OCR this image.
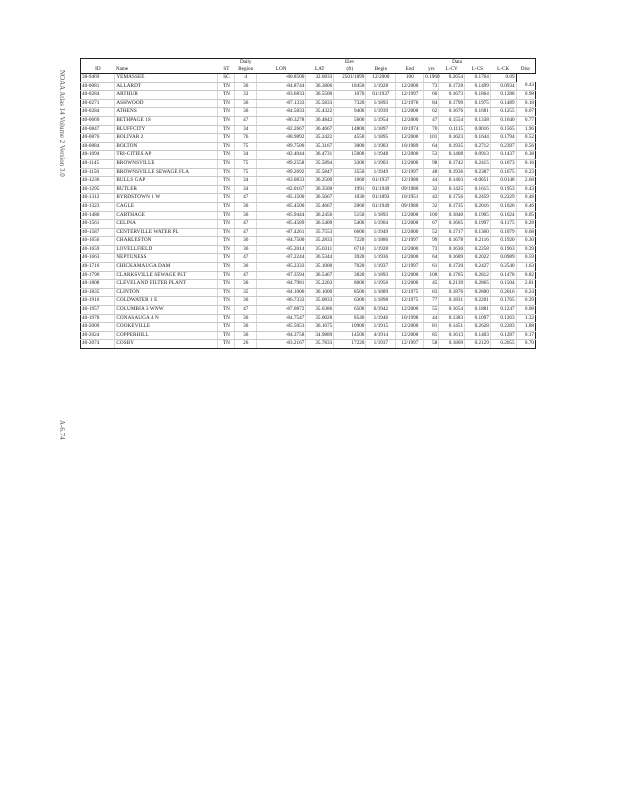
NOAA Atlas 14 Volume 2 Version 3.0
A-6.74
			Daily			Elev			Data				
ID	Name	ST	Region	LON	LAT	(ft)	Begin	End	yrs	L-CV	L-CS	L-CK	Disc
38-9469	YEMASSEE	SC	4	-80.8500	32.6833	2501/1899	12/2000	100	0.1960	0.2654	0.1764	0.09	
40-0081	ALLARDT	TN	36	-84.8744	36.3806	18450	1/1928	12/2000	73	0.1728	0.1499	0.0934	0.43
40-0284	ARTHUR	TN	33	-83.6833	36.5500	1070	01/1937	12/1997	60	0.1673	0.1864	0.1288	0.98
40-0271	ASHWOOD	TN	36	-87.1333	35.5833	7320	1/1893	12/1976	84	0.1799	0.1975	0.1489	0.18
40-0284	ATHENS	TN	36	-84.5833	35.4322	9400	1/1939	12/2000	62	0.1676	0.1681	0.1255	0.07
40-0669	BETHPAGE 1S	TN	47	-86.3278	36.4842	5600	1/1954	12/2000	47	0.1554	0.1338	0.1640	0.77
40-0847	BLUFFCITY	TN	34	-82.2667	36.4667	14800	1/1897	10/1974	70	0.1115	0.0016	0.1565	1.96
40-0876	BOLIVAR 2	TN	76	-88.9892	35.2422	4550	1/1895	12/2000	101	0.1623	0.1644	0.1794	0.52
40-0884	BOLTON	TN	75	-89.7500	35.3167	3000	1/1903	10/1989	64	0.1935	0.2712	0.2397	0.56
40-1094	TRI-CITIES AP	TN	34	-82.4044	36.4731	15000	1/1948	12/2000	53	0.1408	0.0913	0.1437	0.38
40-1145	BROWNSVILLE	TN	75	-89.2558	35.5894	3300	1/1903	12/2000	98	0.1742	0.2415	0.1673	0.16
40-1150	BROWNSVILLE SEWAGE FLA	TN	75	-89.2692	35.5847	3550	1/1949	12/1997	48	0.1936	0.2387	0.1675	0.23
40-1236	BULLS GAP	TN	34	-83.0833	36.2500	1060	01/1937	12/1980	44	0.1403	-0.0051	0.0148	2.68
40-1295	BUTLER	TN	34	-82.0167	36.3500	1991	01/1949	09/1980	32	0.1425	0.1615	0.1953	0.43
40-1312	BYRDSTOWN 1 W	TN	47	-85.1500	36.5667	1030	01/1893	10/1951	42	0.1756	0.2459	0.2229	0.48
40-1323	CAGLE	TN	36	-85.4500	35.4667	2060	01/1949	09/1980	32	0.1735	0.2016	0.1026	0.46
40-1480	CARTHAGE	TN	36	-85.9444	36.2456	5150	1/1893	12/2000	100	0.1840	0.1905	0.1624	0.05
40-1561	CELINA	TN	47	-85.4589	36.5400	5400	1/1904	12/2000	67	0.1665	0.1997	0.1175	0.28
40-1587	CENTERVILLE WATER PL	TN	47	-87.4261	35.7553	6600	1/1949	12/2000	52	0.1717	0.1360	0.1079	0.68
40-1656	CHARLESTON	TN	36	-84.7500	35.2833	7220	1/1886	12/1997	99	0.1678	0.2116	0.1920	0.30
40-1659	LOVELLFIELD	TN	36	-85.2014	35.0311	6710	1/1928	12/2000	73	0.1630	0.2258	0.1963	0.39
40-1663	NEPTUNESS	TN	47	-87.2244	36.5344	3920	1/1936	12/2000	64	0.1689	0.2022	0.0989	0.59
40-1716	CHICKAMAUGA DAM	TN	36	-85.2333	35.1000	7020	1/1937	12/1997	61	0.1720	0.2427	0.2540	1.63
40-1790	CLARKSVILLE SEWAGE PLT	TN	47	-87.3594	36.5467	3820	1/1893	12/2000	108	0.1765	0.2812	0.1478	0.82
40-1808	CLEVELAND FILTER PLANT	TN	36	-84.7981	35.2203	8000	1/1956	12/2000	45	0.2139	0.2865	0.1504	2.81
40-1835	CLINTON	TN	35	-84.1000	36.1000	8500	1/1889	12/1975	83	0.1876	0.2800	0.2016	0.24
40-1916	COLDWATER 1 E	TN	36	-86.7333	35.0833	6300	1/1898	12/1975	77	0.1831	0.2201	0.1765	0.39
40-1957	COLUMBIA 3 WNW	TN	47	-87.0872	35.6386	6500	6/1942	12/2000	55	0.1654	0.1881	0.1247	0.08
40-1978	CONASAUGA 4 N	TN	36	-84.7547	35.0028	8540	1/1946	10/1998	44	0.1383	0.1097	0.1263	1.32
40-2009	COOKEVILLE	TN	36	-85.5053	36.1675	10900	1/1915	12/2000	81	0.1451	0.2628	0.2283	1.88
40-2024	COPPERHILL	TN	36	-84.3758	34.9889	14500	4/1914	12/2000	85	0.1613	0.1403	0.1287	0.17
40-2074	COSBY	TN	26	-83.2167	35.7833	17220	1/1937	12/1997	58	0.1869	0.2129	0.2055	0.70
